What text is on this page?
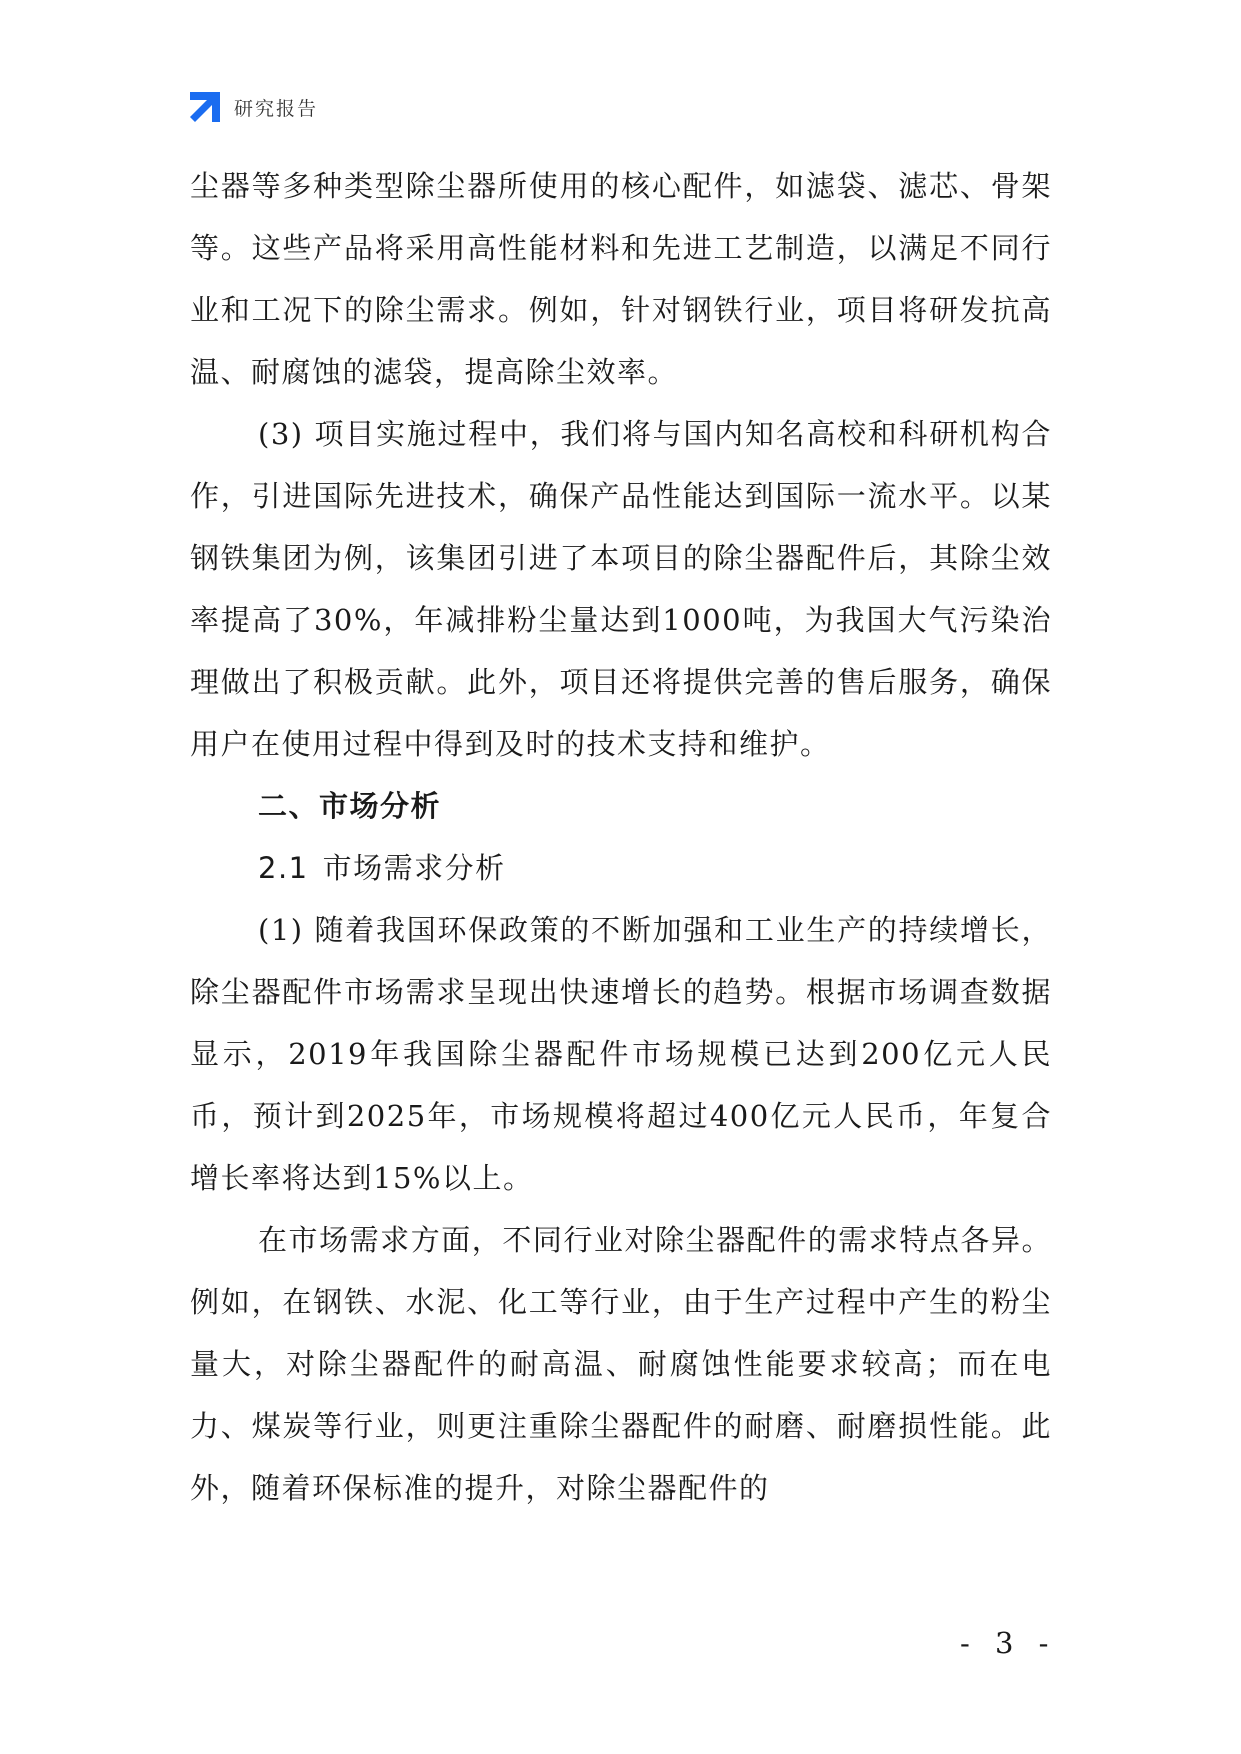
研究报告

尘器等多种类型除尘器所使用的核心配件，如滤袋、滤芯、骨架等。这些产品将采用高性能材料和先进工艺制造，以满足不同行业和工况下的除尘需求。例如，针对钢铁行业，项目将研发抗高温、耐腐蚀的滤袋，提高除尘效率。

(3) 项目实施过程中，我们将与国内知名高校和科研机构合作，引进国际先进技术，确保产品性能达到国际一流水平。以某钢铁集团为例，该集团引进了本项目的除尘器配件后，其除尘效率提高了30%，年减排粉尘量达到1000吨，为我国大气污染治理做出了积极贡献。此外，项目还将提供完善的售后服务，确保用户在使用过程中得到及时的技术支持和维护。

二、市场分析

2.1 市场需求分析

(1) 随着我国环保政策的不断加强和工业生产的持续增长，除尘器配件市场需求呈现出快速增长的趋势。根据市场调查数据显示，2019年我国除尘器配件市场规模已达到200亿元人民币，预计到2025年，市场规模将超过400亿元人民币，年复合增长率将达到15%以上。

在市场需求方面，不同行业对除尘器配件的需求特点各异。例如，在钢铁、水泥、化工等行业，由于生产过程中产生的粉尘量大，对除尘器配件的耐高温、耐腐蚀性能要求较高；而在电力、煤炭等行业，则更注重除尘器配件的耐磨、耐磨损性能。此外，随着环保标准的提升，对除尘器配件的

- 3 -
